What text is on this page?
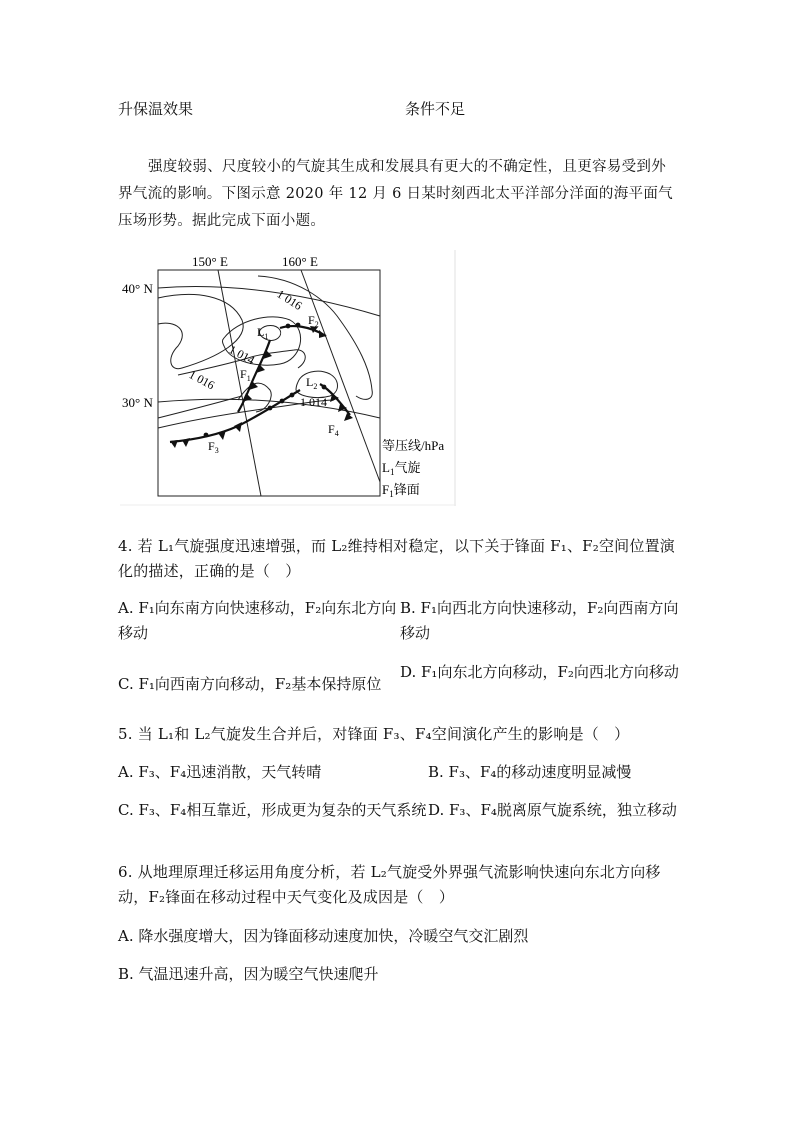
升保温效果	条件不足
强度较弱、尺度较小的气旋其生成和发展具有更大的不确定性，且更容易受到外界气流的影响。下图示意 2020 年 12 月 6 日某时刻西北太平洋部分洋面的海平面气压场形势。据此完成下面小题。
150° E	160° E
40° N
30° N
1 016
1 014
1 016
1 014
$L_1$
$L_2$
$F_1$
$F_2$
$F_3$
$F_4$
等压线/hPa
$L_1$气旋
$F_1$锋面
4. 若 L₁气旋强度迅速增强，而 L₂维持相对稳定，以下关于锋面 F₁、F₂空间位置演化的描述，正确的是（　）
A. F₁向东南方向快速移动，F₂向东北方向移动
B. F₁向西北方向快速移动，F₂向西南方向移动
C. F₁向西南方向移动，F₂基本保持原位
D. F₁向东北方向移动，F₂向西北方向移动
5. 当 L₁和 L₂气旋发生合并后，对锋面 F₃、F₄空间演化产生的影响是（　）
A. F₃、F₄迅速消散，天气转晴	B. F₃、F₄的移动速度明显减慢
C. F₃、F₄相互靠近，形成更为复杂的天气系统 D. F₃、F₄脱离原气旋系统，独立移动
6. 从地理原理迁移运用角度分析，若 L₂气旋受外界强气流影响快速向东北方向移动，F₂锋面在移动过程中天气变化及成因是（　）
A. 降水强度增大，因为锋面移动速度加快，冷暖空气交汇剧烈
B. 气温迅速升高，因为暖空气快速爬升
